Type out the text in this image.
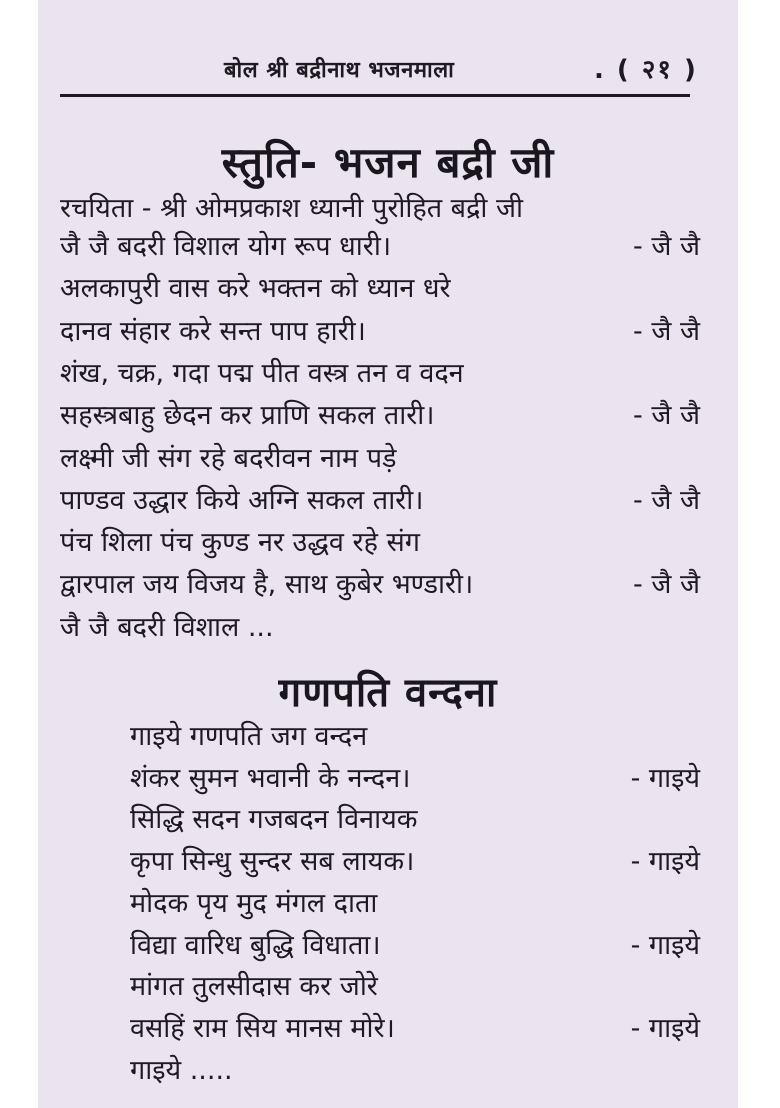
बोल श्री बद्रीनाथ भजनमाला	. ( २१ )
स्तुति- भजन बद्री जी
रचयिता - श्री ओमप्रकाश ध्यानी पुरोहित बद्री जी
जै जै बदरी विशाल योग रूप धारी।	- जै जै
अलकापुरी वास करे भक्तन को ध्यान धरे
दानव संहार करे सन्त पाप हारी।	- जै जै
शंख, चक्र, गदा पद्म पीत वस्त्र तन व वदन
सहस्त्रबाहु छेदन कर प्राणि सकल तारी।	- जै जै
लक्ष्मी जी संग रहे बदरीवन नाम पड़े
पाण्डव उद्धार किये अग्नि सकल तारी।	- जै जै
पंच शिला पंच कुण्ड नर उद्धव रहे संग
द्वारपाल जय विजय है, साथ कुबेर भण्डारी।	- जै जै
जै जै बदरी विशाल ...
गणपति वन्दना
गाइये गणपति जग वन्दन
शंकर सुमन भवानी के नन्दन।	- गाइये
सिद्धि सदन गजबदन विनायक
कृपा सिन्धु सुन्दर सब लायक।	- गाइये
मोदक पृय मुद मंगल दाता
विद्या वारिध बुद्धि विधाता।	- गाइये
मांगत तुलसीदास कर जोरे
वसहिं राम सिय मानस मोरे।	- गाइये
गाइये .....
